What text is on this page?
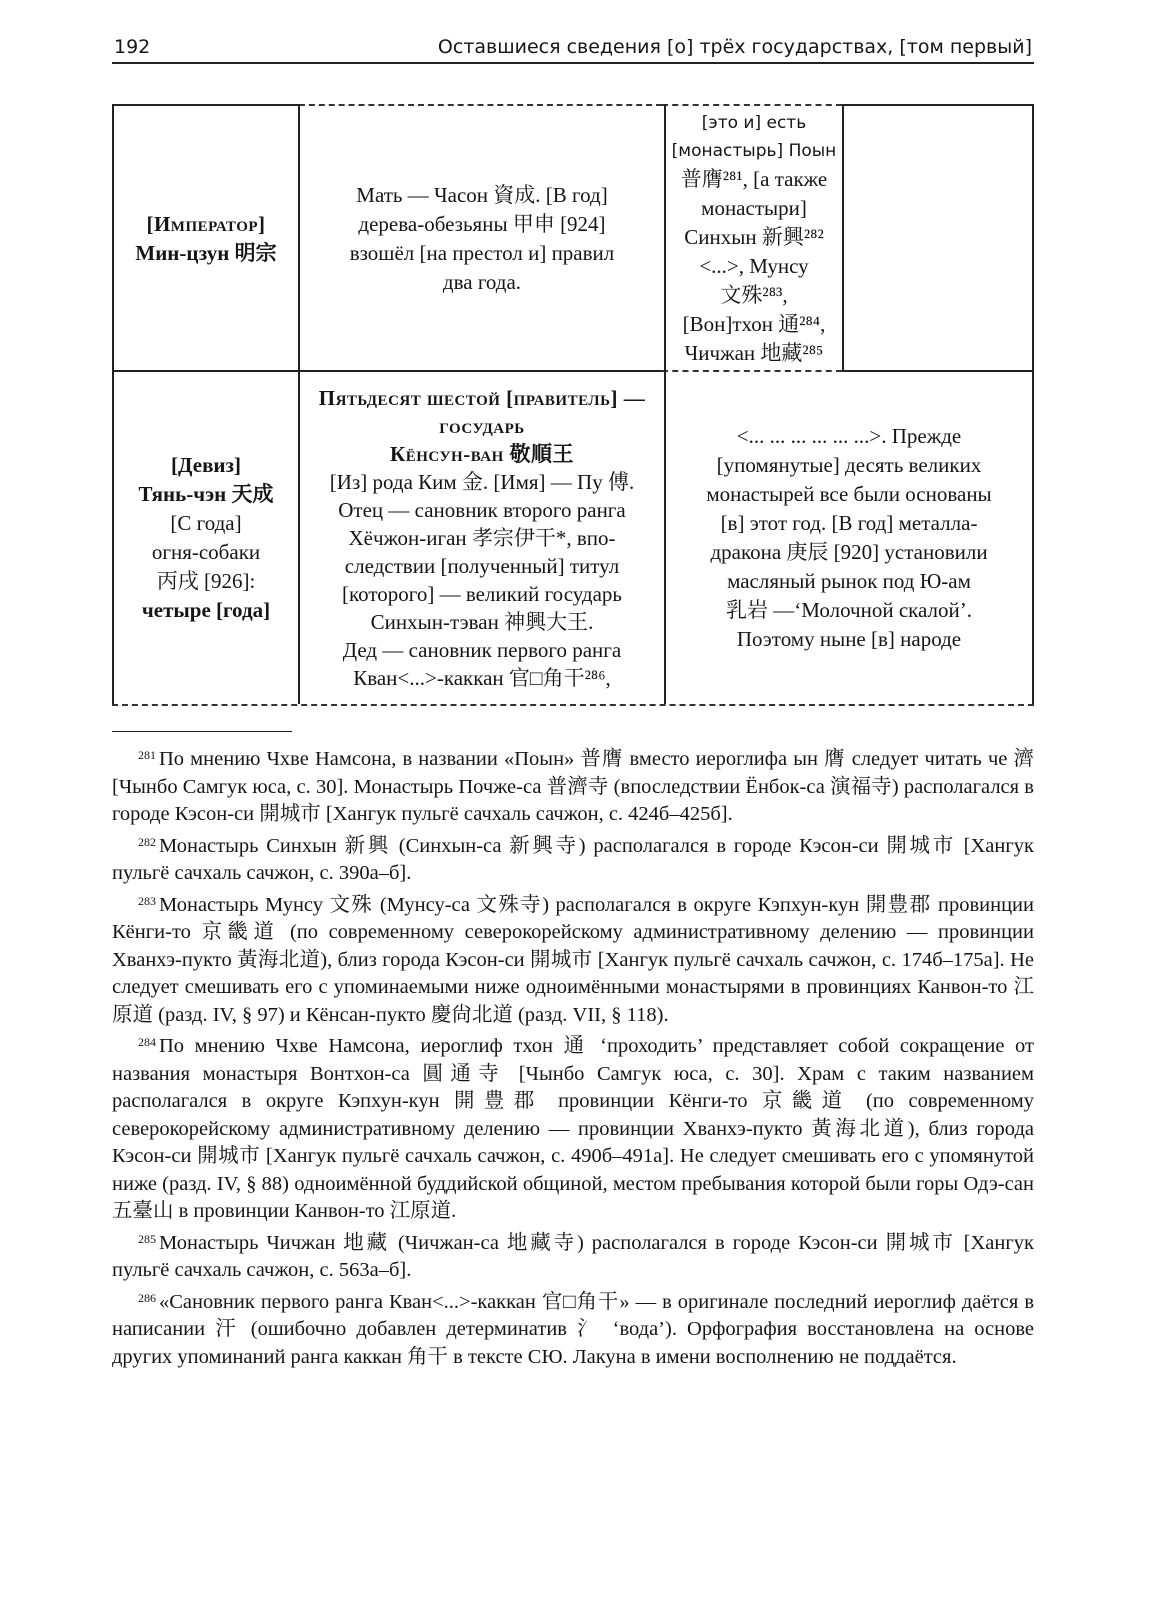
192	Оставшиеся сведения [о] трёх государствах, [том первый]
[Император]
Мин-цзун 明宗
Мать — Часон 資成. [В год]
дерева-обезьяны 甲申 [924]
взошёл [на престол и] правил
два года.
[это и] есть
[монастырь] Поын
普膺²⁸¹, [а также
монастыри]
Синхын 新興²⁸²
<...>, Мунсу
文殊²⁸³,
[Вон]тхон 通²⁸⁴,
Чичжан 地藏²⁸⁵
[Девиз]
Тянь-чэн 天成
[С года]
огня-собаки
丙戌 [926]:
четыре [года]
Пятьдесят шестой [правитель] —
государь
Кёнсун-ван 敬順王
[Из] рода Ким 金. [Имя] — Пу 傅.
Отец — сановник второго ранга
Хёчжон-иган 孝宗伊干*, впо-
следствии [полученный] титул
[которого] — великий государь
Синхын-тэван 神興大王.
Дед — сановник первого ранга
Кван<...>-каккан 官□角干²⁸⁶,
<... ... ... ... ... ...>. Прежде
[упомянутые] десять великих
монастырей все были основаны
[в] этот год. [В год] металла-
дракона 庚辰 [920] установили
масляный рынок под Ю-ам
乳岩 —‘Молочной скалой’.
Поэтому ныне [в] народе

$^{281}$ По мнению Чхве Намсона, в названии «Поын» 普膺 вместо иероглифа ын 膺 следует читать че 濟 [Чынбо Самгук юса, с. 30]. Монастырь Почже-са 普濟寺 (впоследствии Ёнбок-са 演福寺) располагался в городе Кэсон-си 開城市 [Хангук пульгё сачхаль сачжон, с. 424б–425б].

$^{282}$ Монастырь Синхын 新興 (Синхын-са 新興寺) располагался в городе Кэсон-си 開城市 [Хангук пульгё сачхаль сачжон, с. 390а–б].

$^{283}$ Монастырь Мунсу 文殊 (Мунсу-са 文殊寺) располагался в округе Кэпхун-кун 開豊郡 провинции Кёнги-то 京畿道 (по современному северокорейскому административному делению — провинции Хванхэ-пукто 黃海北道), близ города Кэсон-си 開城市 [Хангук пульгё сачхаль сачжон, с. 174б–175а]. Не следует смешивать его с упоминаемыми ниже одноимёнными монастырями в провинциях Канвон-то 江原道 (разд. IV, § 97) и Кёнсан-пукто 慶尙北道 (разд. VII, § 118).

$^{284}$ По мнению Чхве Намсона, иероглиф тхон 通 ‘проходить’ представляет собой сокращение от названия монастыря Вонтхон-са 圓通寺 [Чынбо Самгук юса, с. 30]. Храм с таким названием располагался в округе Кэпхун-кун 開豊郡 провинции Кёнги-то 京畿道 (по современному северокорейскому административному делению — провинции Хванхэ-пукто 黃海北道), близ города Кэсон-си 開城市 [Хангук пульгё сачхаль сачжон, с. 490б–491а]. Не следует смешивать его с упомянутой ниже (разд. IV, § 88) одноимённой буддийской общиной, местом пребывания которой были горы Одэ-сан 五臺山 в провинции Канвон-то 江原道.

$^{285}$ Монастырь Чичжан 地藏 (Чичжан-са 地藏寺) располагался в городе Кэсон-си 開城市 [Хангук пульгё сачхаль сачжон, с. 563а–б].

$^{286}$ «Сановник первого ранга Кван<...>-каккан 官□角干» — в оригинале последний иероглиф даётся в написании 汗 (ошибочно добавлен детерминатив 氵 ‘вода’). Орфография восстановлена на основе других упоминаний ранга каккан 角干 в тексте СЮ. Лакуна в имени восполнению не поддаётся.
